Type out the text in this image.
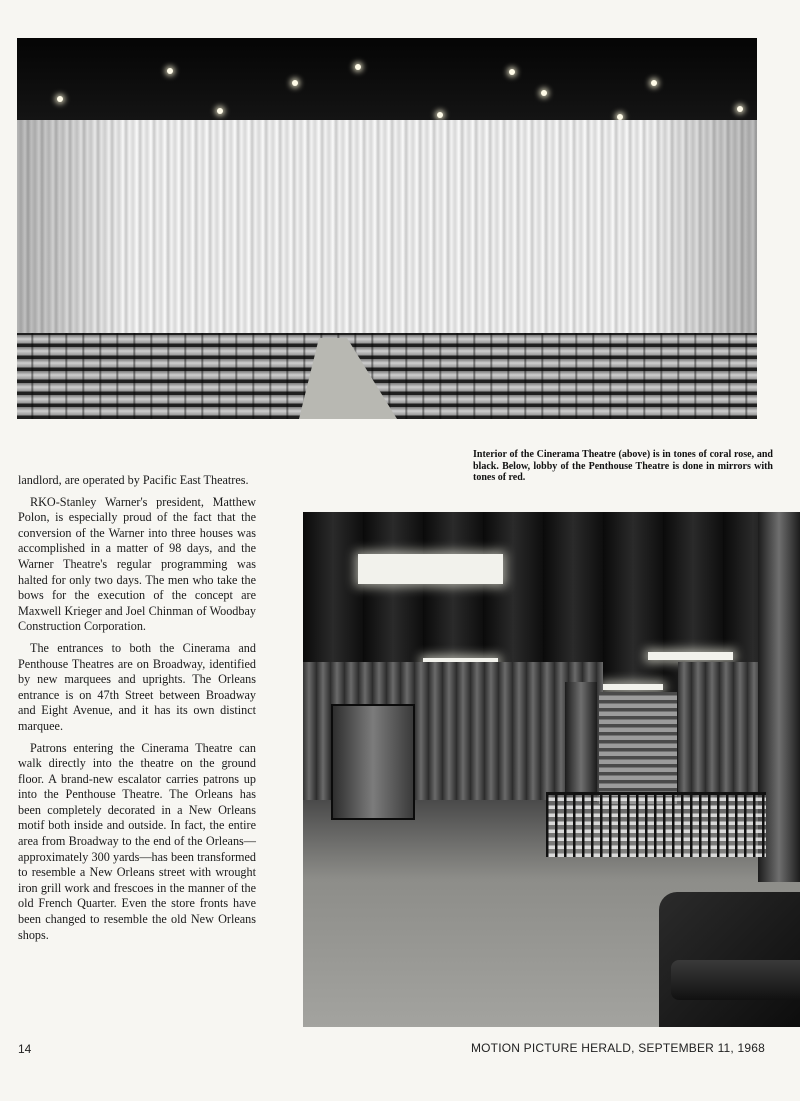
Interior of the Cinerama Theatre (above) is in tones of coral rose, and black. Below, lobby of the Penthouse Theatre is done in mirrors with tones of red.

landlord, are operated by Pacific East Theatres.

RKO-Stanley Warner's president, Matthew Polon, is especially proud of the fact that the conversion of the Warner into three houses was accomplished in a matter of 98 days, and the Warner Theatre's regular programming was halted for only two days. The men who take the bows for the execution of the concept are Maxwell Krieger and Joel Chinman of Woodbay Construction Corporation.

The entrances to both the Cinerama and Penthouse Theatres are on Broadway, identified by new marquees and uprights. The Orleans entrance is on 47th Street between Broadway and Eight Avenue, and it has its own distinct marquee.

Patrons entering the Cinerama Theatre can walk directly into the theatre on the ground floor. A brand-new escalator carries patrons up into the Penthouse Theatre. The Orleans has been completely decorated in a New Orleans motif both inside and outside. In fact, the entire area from Broadway to the end of the Orleans—approximately 300 yards—has been transformed to resemble a New Orleans street with wrought iron grill work and frescoes in the manner of the old French Quarter. Even the store fronts have been changed to resemble the old New Orleans shops.

14	MOTION PICTURE HERALD, SEPTEMBER 11, 1968
